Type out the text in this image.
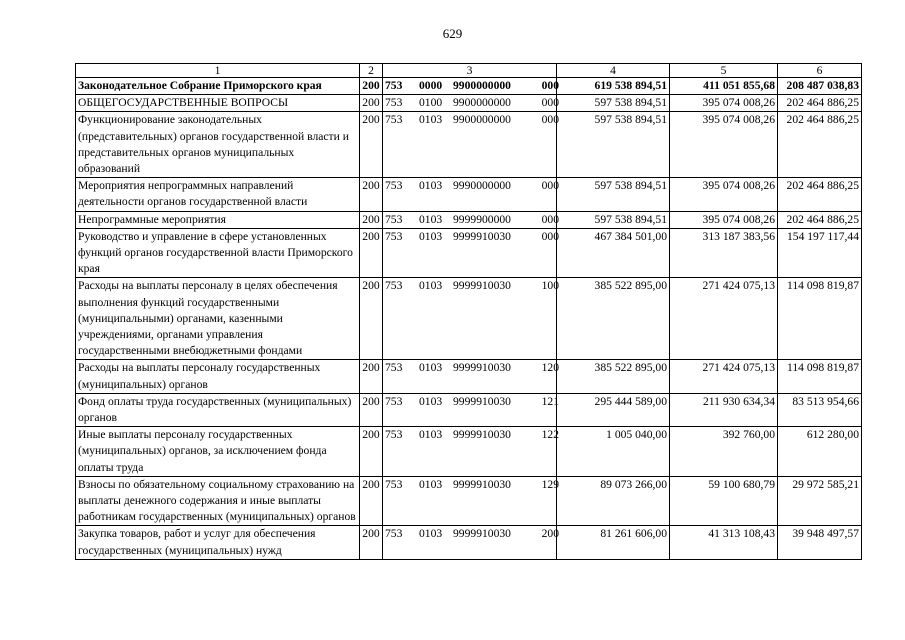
629
1	2	3	4	5	6
Законодательное Собрание Приморского края	200	753 0000 9900000000 000	619 538 894,51	411 051 855,68	208 487 038,83
ОБЩЕГОСУДАРСТВЕННЫЕ ВОПРОСЫ	200	753 0100 9900000000 000	597 538 894,51	395 074 008,26	202 464 886,25
Функционирование законодательных (представительных) органов государственной власти и представительных органов муниципальных образований	200	753 0103 9900000000 000	597 538 894,51	395 074 008,26	202 464 886,25
Мероприятия непрограммных направлений деятельности органов государственной власти	200	753 0103 9990000000 000	597 538 894,51	395 074 008,26	202 464 886,25
Непрограммные мероприятия	200	753 0103 9999900000 000	597 538 894,51	395 074 008,26	202 464 886,25
Руководство и управление в сфере установленных функций органов государственной власти Приморского края	200	753 0103 9999910030 000	467 384 501,00	313 187 383,56	154 197 117,44
Расходы на выплаты персоналу в целях обеспечения выполнения функций государственными (муниципальными) органами, казенными учреждениями, органами управления государственными внебюджетными фондами	200	753 0103 9999910030 100	385 522 895,00	271 424 075,13	114 098 819,87
Расходы на выплаты персоналу государственных (муниципальных) органов	200	753 0103 9999910030 120	385 522 895,00	271 424 075,13	114 098 819,87
Фонд оплаты труда государственных (муниципальных) органов	200	753 0103 9999910030 121	295 444 589,00	211 930 634,34	83 513 954,66
Иные выплаты персоналу государственных (муниципальных) органов, за исключением фонда оплаты труда	200	753 0103 9999910030 122	1 005 040,00	392 760,00	612 280,00
Взносы по обязательному социальному страхованию на выплаты денежного содержания и иные выплаты работникам государственных (муниципальных) органов	200	753 0103 9999910030 129	89 073 266,00	59 100 680,79	29 972 585,21
Закупка товаров, работ и услуг для обеспечения государственных (муниципальных) нужд	200	753 0103 9999910030 200	81 261 606,00	41 313 108,43	39 948 497,57
